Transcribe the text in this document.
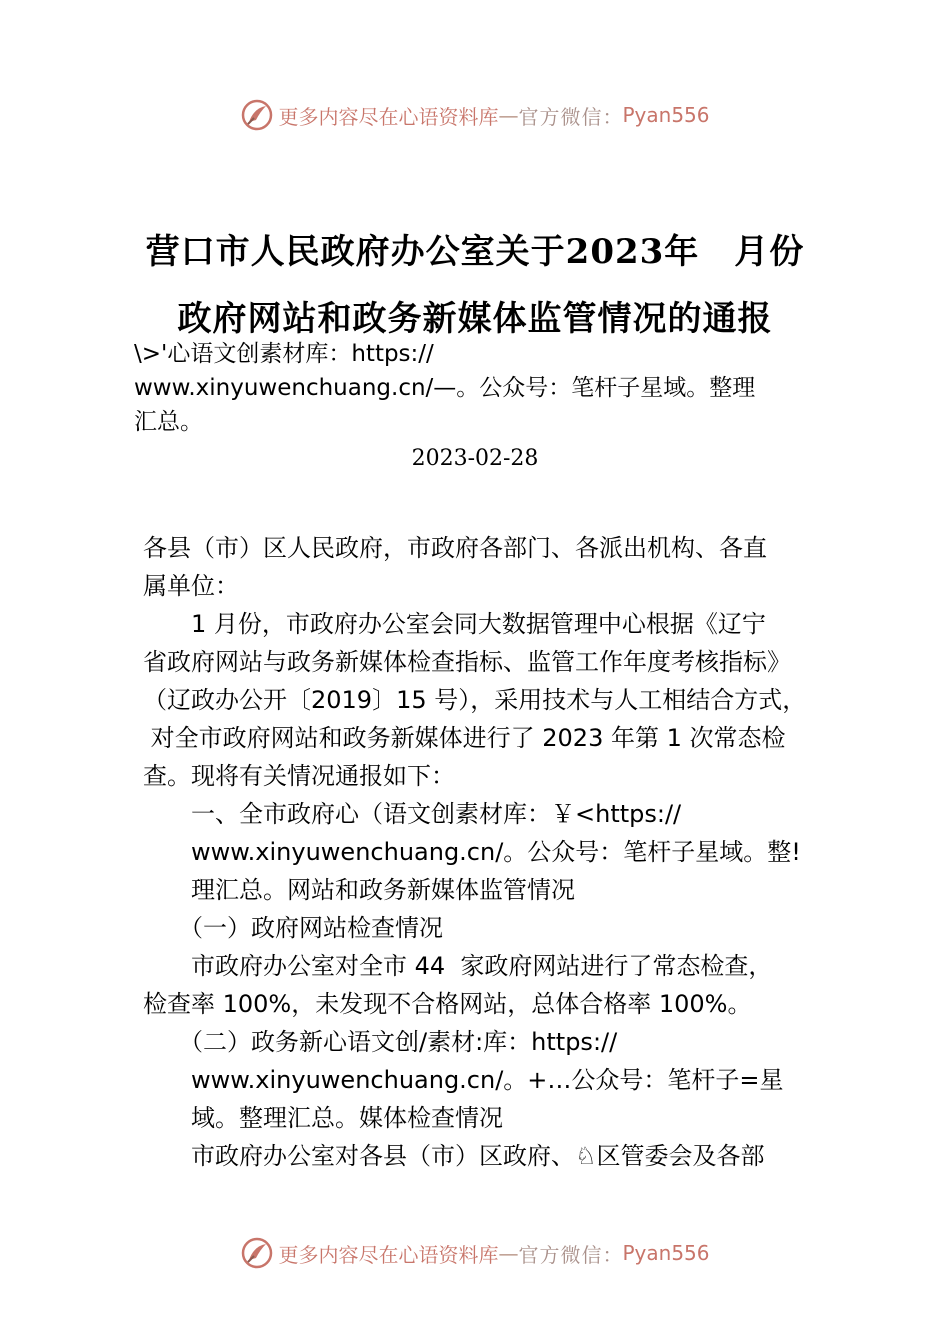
更多内容尽在心语资料库 — 官方微信 ： Pyan556
营口市人民政府办公室关于2023年　月份
政府网站和政务新媒体监管情况的通报
\>'心语文创素材库：https://
www.xinyuwenchuang.cn/—。公众号：笔杆子星域。整理
汇总。
2023-02-28
各县（市）区人民政府，市政府各部门、各派出机构、各直
属单位：
　　1 月份，市政府办公室会同大数据管理中心根据《辽宁
省政府网站与政务新媒体检查指标、监管工作年度考核指标》
（辽政办公开〔2019〕15 号），采用技术与人工相结合方式，
对全市政府网站和政务新媒体进行了 2023 年第 1 次常态检
查。现将有关情况通报如下：
　　一、全市政府心（语文创素材库：￥<https://
　　www.xinyuwenchuang.cn/。公众号：笔杆子星域。整!
　　理汇总。网站和政务新媒体监管情况
　　（一）政府网站检查情况
　　市政府办公室对全市 44  家政府网站进行了常态检查，
检查率 100%，未发现不合格网站，总体合格率 100%。
　　（二）政务新心语文创/素材:库：https://
　　www.xinyuwenchuang.cn/。+…公众号：笔杆子=星
　　域。整理汇总。媒体检查情况
　　市政府办公室对各县（市）区政府、♘区管委会及各部
更多内容尽在心语资料库 — 官方微信 ： Pyan556
